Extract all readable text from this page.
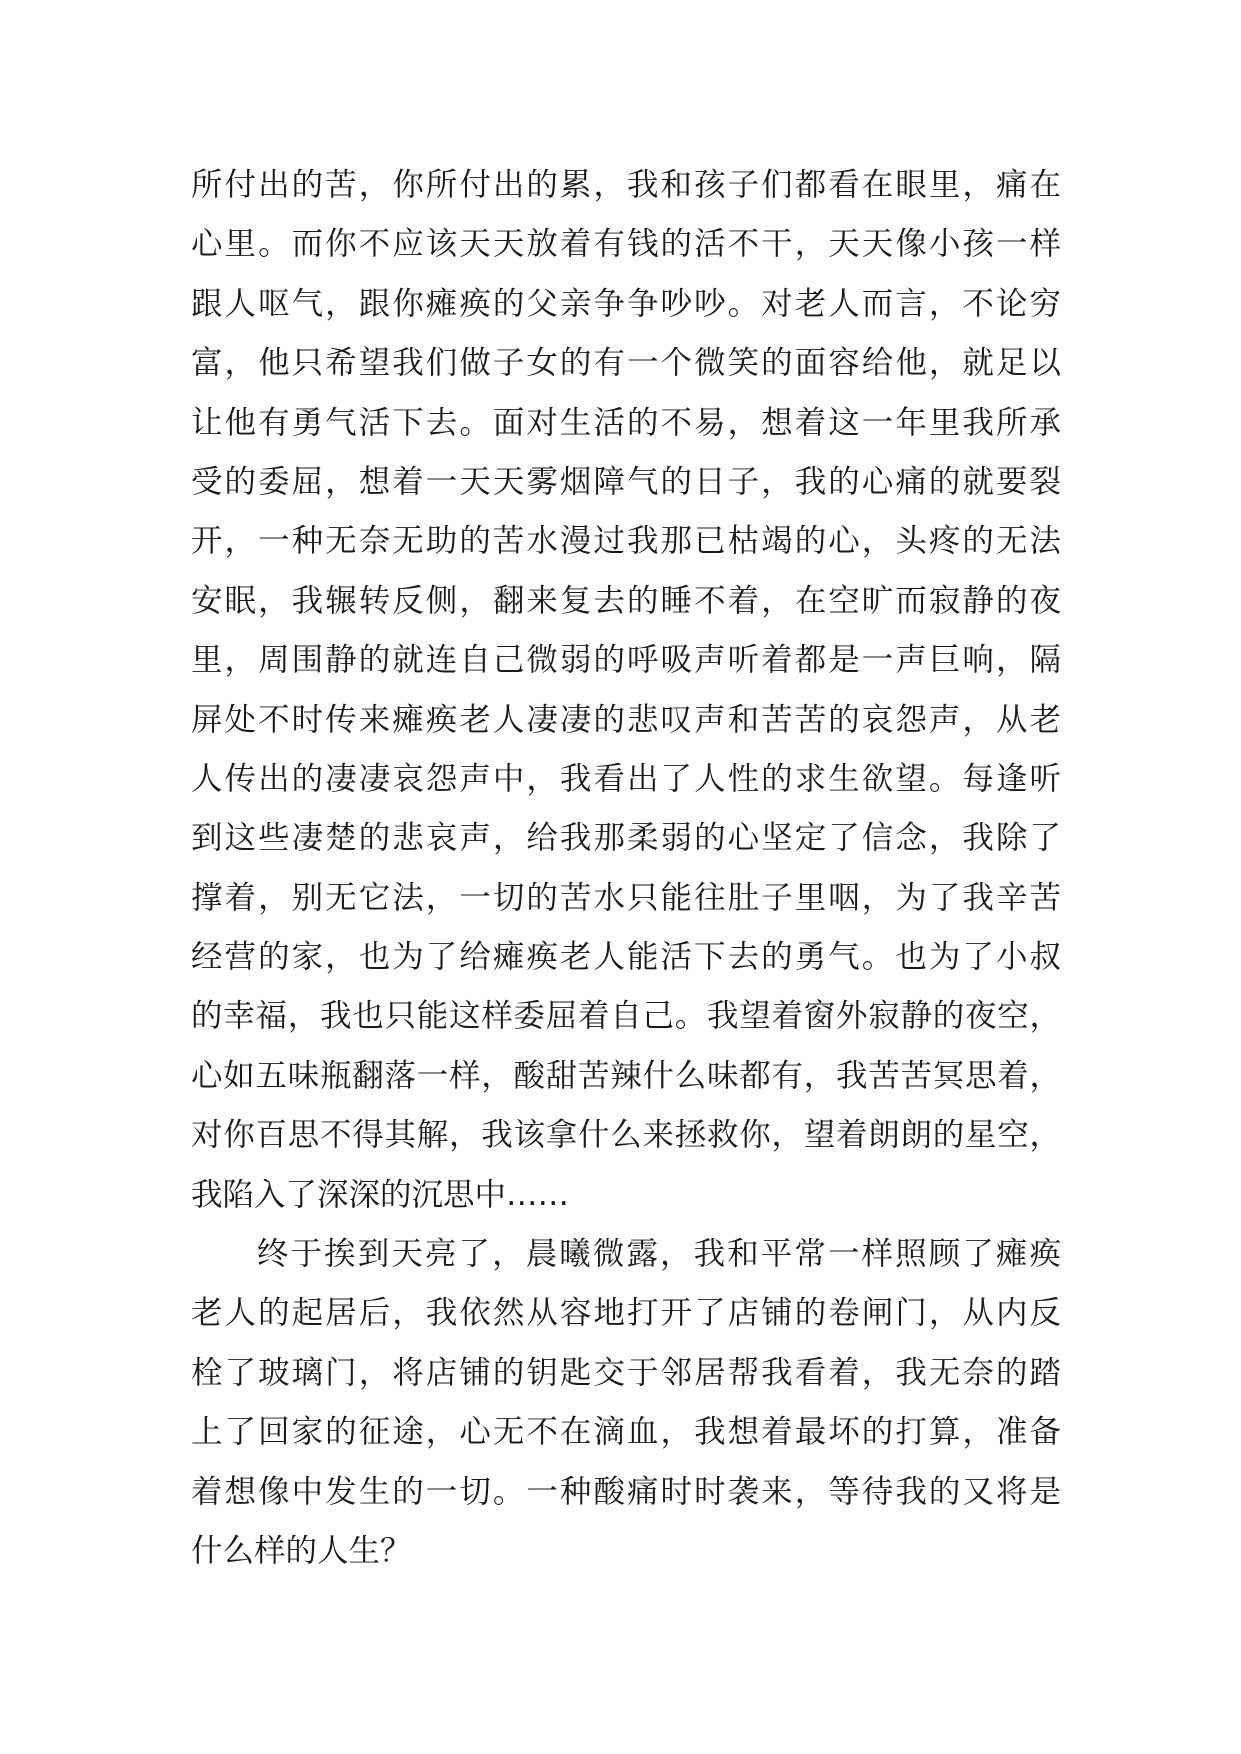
所付出的苦，你所付出的累，我和孩子们都看在眼里，痛在
心里。而你不应该天天放着有钱的活不干，天天像小孩一样
跟人呕气，跟你瘫痪的父亲争争吵吵。对老人而言，不论穷
富，他只希望我们做子女的有一个微笑的面容给他，就足以
让他有勇气活下去。面对生活的不易，想着这一年里我所承
受的委屈，想着一天天雾烟障气的日子，我的心痛的就要裂
开，一种无奈无助的苦水漫过我那已枯竭的心，头疼的无法
安眠，我辗转反侧，翻来复去的睡不着，在空旷而寂静的夜
里，周围静的就连自己微弱的呼吸声听着都是一声巨响，隔
屏处不时传来瘫痪老人凄凄的悲叹声和苦苦的哀怨声，从老
人传出的凄凄哀怨声中，我看出了人性的求生欲望。每逢听
到这些凄楚的悲哀声，给我那柔弱的心坚定了信念，我除了
撑着，别无它法，一切的苦水只能往肚子里咽，为了我辛苦
经营的家，也为了给瘫痪老人能活下去的勇气。也为了小叔
的幸福，我也只能这样委屈着自己。我望着窗外寂静的夜空，
心如五味瓶翻落一样，酸甜苦辣什么味都有，我苦苦冥思着，
对你百思不得其解，我该拿什么来拯救你，望着朗朗的星空，
我陷入了深深的沉思中……
终于挨到天亮了，晨曦微露，我和平常一样照顾了瘫痪
老人的起居后，我依然从容地打开了店铺的卷闸门，从内反
栓了玻璃门，将店铺的钥匙交于邻居帮我看着，我无奈的踏
上了回家的征途，心无不在滴血，我想着最坏的打算，准备
着想像中发生的一切。一种酸痛时时袭来，等待我的又将是
什么样的人生？
